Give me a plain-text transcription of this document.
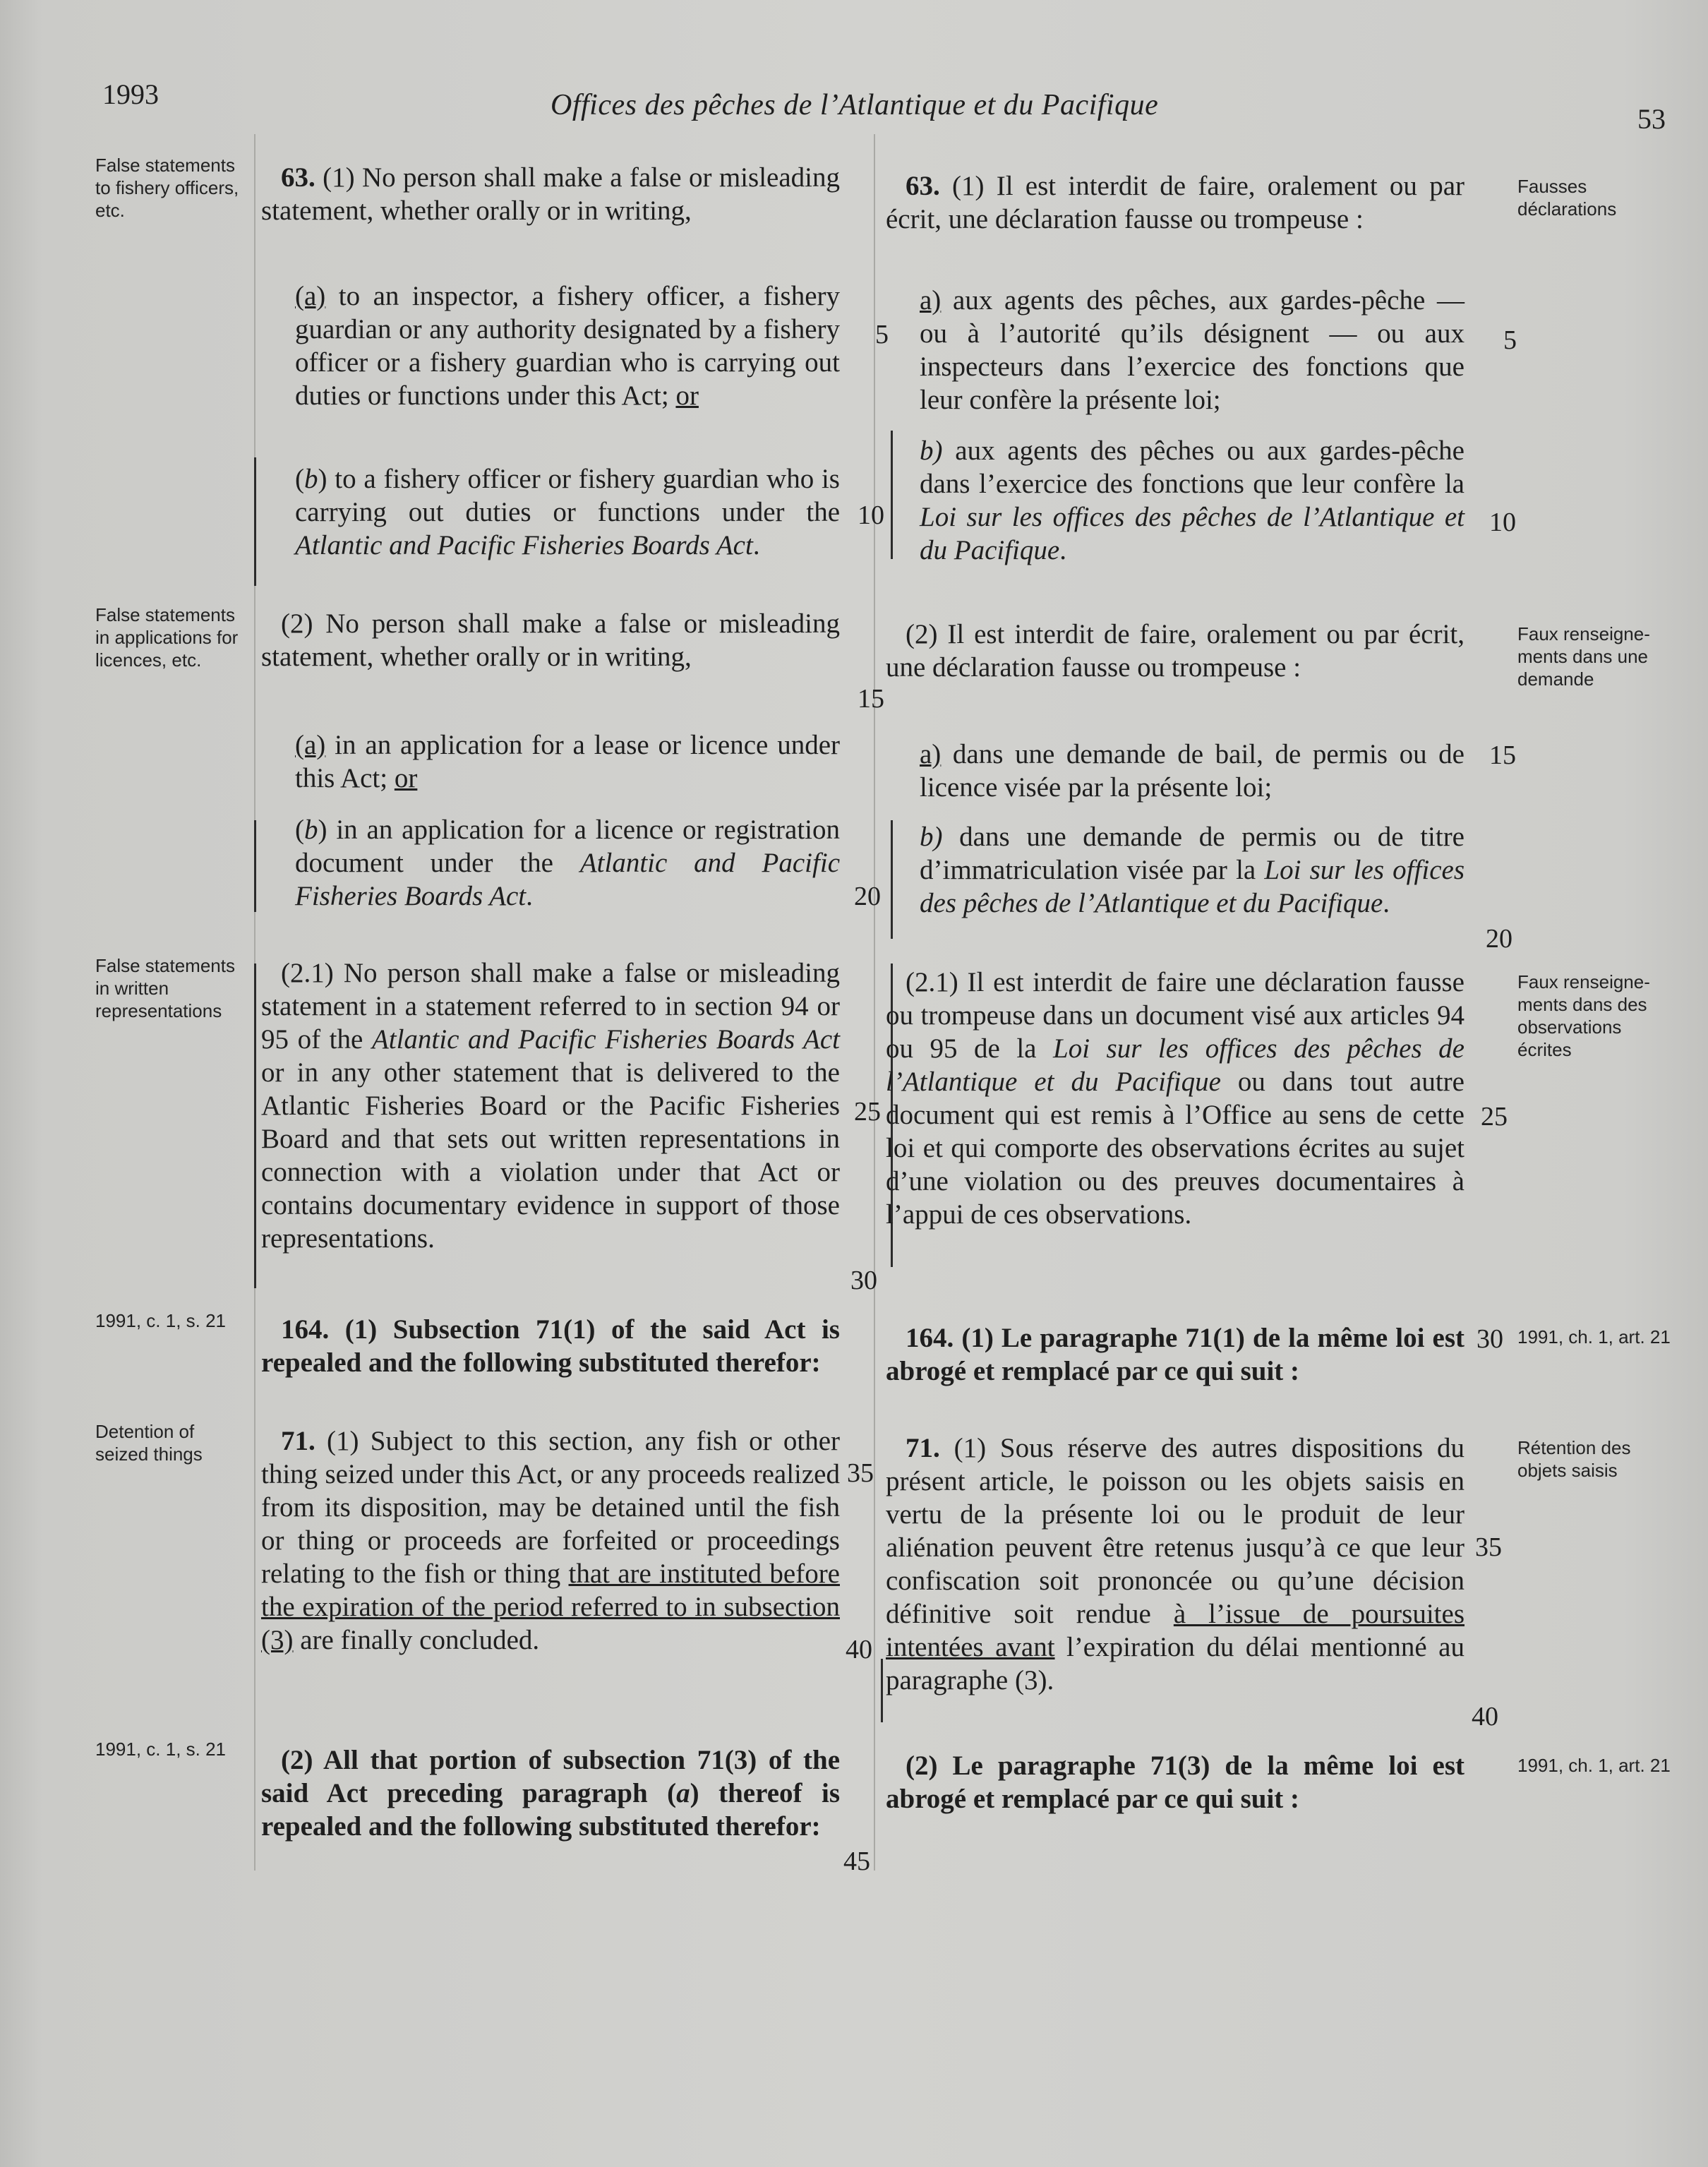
1993	Offices des pêches de l’Atlantique et du Pacifique	53
False statements to fishery officers, etc.
False statements in applications for licences, etc.
False statements in written representations
1991, c. 1, s. 21
Detention of seized things
1991, c. 1, s. 21
Fausses déclarations
Faux renseigne-ments dans une demande
Faux renseigne-ments dans des observations écrites
1991, ch. 1, art. 21
Rétention des objets saisis
1991, ch. 1, art. 21

63. (1) No person shall make a false or misleading statement, whether orally or in writing,

(a) to an inspector, a fishery officer, a fishery guardian or any authority designated by a fishery officer or a fishery guardian who is carrying out duties or functions under this Act; or

(b) to a fishery officer or fishery guardian who is carrying out duties or functions under the Atlantic and Pacific Fisheries Boards Act.

(2) No person shall make a false or misleading statement, whether orally or in writing,

(a) in an application for a lease or licence under this Act; or

(b) in an application for a licence or registration document under the Atlantic and Pacific Fisheries Boards Act.

(2.1) No person shall make a false or misleading statement in a statement referred to in section 94 or 95 of the Atlantic and Pacific Fisheries Boards Act or in any other statement that is delivered to the Atlantic Fisheries Board or the Pacific Fisheries Board and that sets out written representations in connection with a violation under that Act or contains documentary evidence in support of those representations.

164. (1) Subsection 71(1) of the said Act is repealed and the following substituted therefor:

71. (1) Subject to this section, any fish or other thing seized under this Act, or any proceeds realized from its disposition, may be detained until the fish or thing or proceeds are forfeited or proceedings relating to the fish or thing that are instituted before the expiration of the period referred to in subsection (3) are finally concluded.

(2) All that portion of subsection 71(3) of the said Act preceding paragraph (a) thereof is repealed and the following substituted therefor:

5
10
15
20
25
30
35
40
45

63. (1) Il est interdit de faire, oralement ou par écrit, une déclaration fausse ou trompeuse :

a) aux agents des pêches, aux gardes-pêche — ou à l’autorité qu’ils désignent — ou aux inspecteurs dans l’exercice des fonctions que leur confère la présente loi;

b) aux agents des pêches ou aux gardes-pêche dans l’exercice des fonctions que leur confère la Loi sur les offices des pêches de l’Atlantique et du Pacifique.

(2) Il est interdit de faire, oralement ou par écrit, une déclaration fausse ou trompeuse :

a) dans une demande de bail, de permis ou de licence visée par la présente loi;

b) dans une demande de permis ou de titre d’immatriculation visée par la Loi sur les offices des pêches de l’Atlantique et du Pacifique.

(2.1) Il est interdit de faire une déclaration fausse ou trompeuse dans un document visé aux articles 94 ou 95 de la Loi sur les offices des pêches de l’Atlantique et du Pacifique ou dans tout autre document qui est remis à l’Office au sens de cette loi et qui comporte des observations écrites au sujet d’une violation ou des preuves documentaires à l’appui de ces observations.

164. (1) Le paragraphe 71(1) de la même loi est abrogé et remplacé par ce qui suit :

71. (1) Sous réserve des autres dispositions du présent article, le poisson ou les objets saisis en vertu de la présente loi ou le produit de leur aliénation peuvent être retenus jusqu’à ce que leur confiscation soit prononcée ou qu’une décision définitive soit rendue à l’issue de poursuites intentées avant l’expiration du délai mentionné au paragraphe (3).

(2) Le paragraphe 71(3) de la même loi est abrogé et remplacé par ce qui suit :

5
10
15
20
25
30
35
40
